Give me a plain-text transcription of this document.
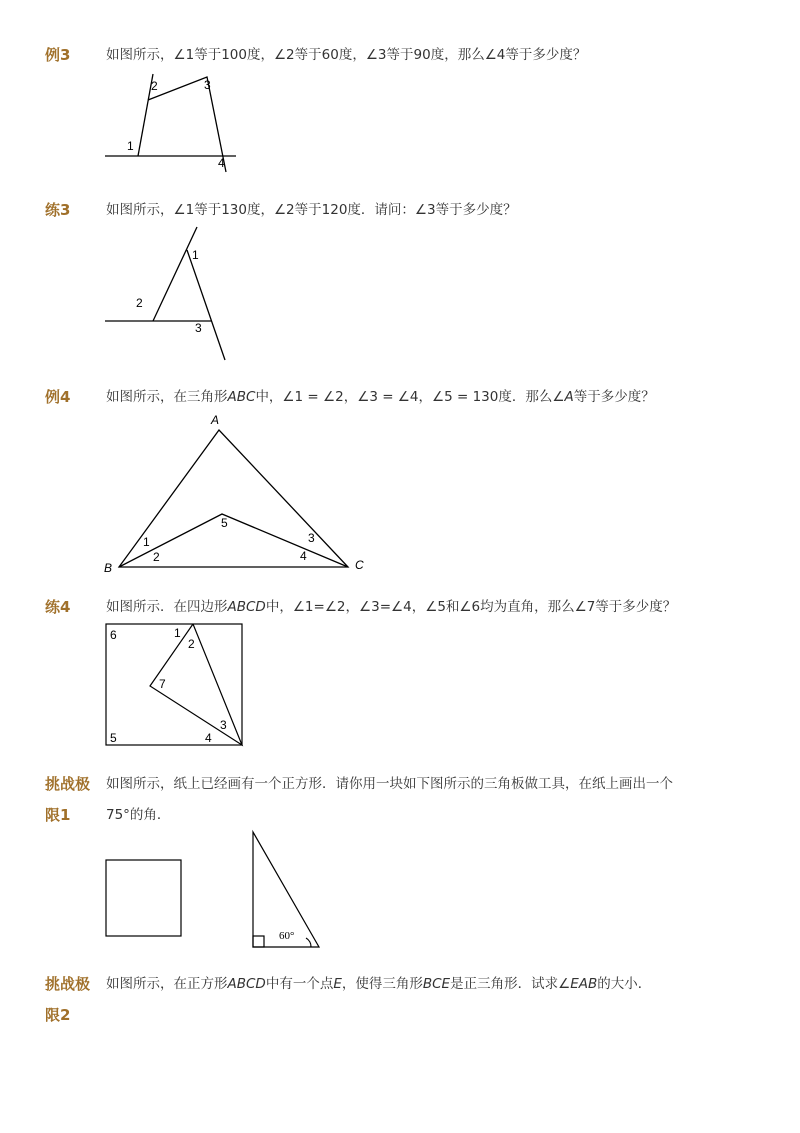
例3	如图所示，∠1等于100度，∠2等于60度，∠3等于90度，那么∠4等于多少度？
1
2	3
4
练3	如图所示，∠1等于130度，∠2等于120度．请问：∠3等于多少度？
1
2
3
例4	如图所示，在三角形ABC中，∠1 = ∠2，∠3 = ∠4，∠5 = 130度．那么∠A等于多少度？
A
B	C
1
2
3
4
5
练4	如图所示．在四边形ABCD中，∠1=∠2，∠3=∠4，∠5和∠6均为直角，那么∠7等于多少度？
6	1
2
7
3
4
5
挑战极
限1
如图所示，纸上已经画有一个正方形．请你用一块如下图所示的三角板做工具，在纸上画出一个
75°的角．
60°
挑战极
限2
如图所示，在正方形ABCD中有一个点E，使得三角形BCE是正三角形．试求∠EAB的大小．
